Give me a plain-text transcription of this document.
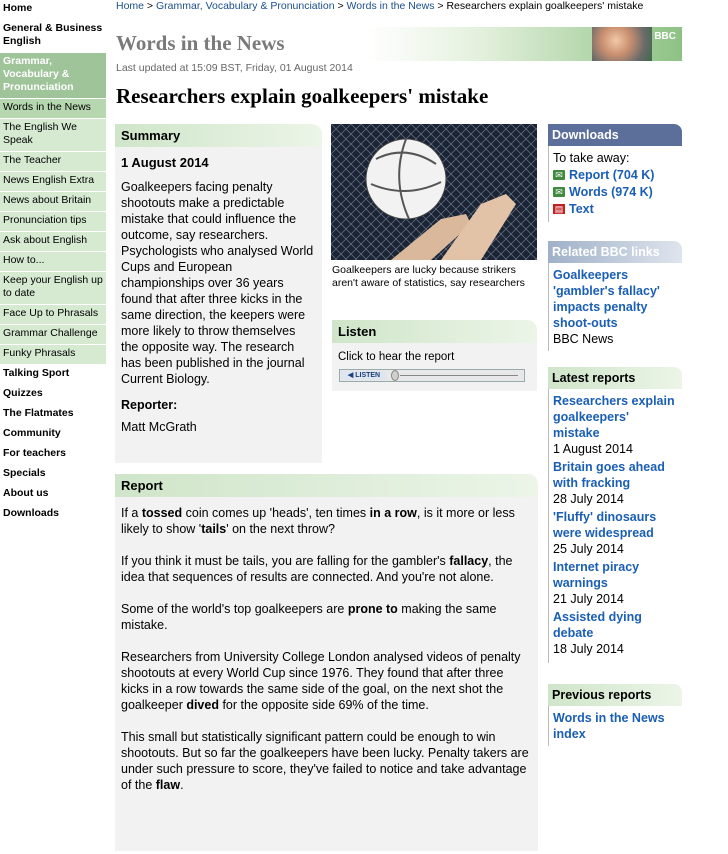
Home
General & Business English
Grammar, Vocabulary & Pronunciation
Words in the News
The English We Speak
The Teacher
News English Extra
News about Britain
Pronunciation tips
Ask about English
How to...
Keep your English up to date
Face Up to Phrasals
Grammar Challenge
Funky Phrasals
Talking Sport
Quizzes
The Flatmates
Community
For teachers
Specials
About us
Downloads
Home > Grammar, Vocabulary & Pronunciation > Words in the News > Researchers explain goalkeepers' mistake
Words in the News	BBC
Last updated at 15:09 BST, Friday, 01 August 2014
Researchers explain goalkeepers' mistake
Summary
1 August 2014

Goalkeepers facing penalty shootouts make a predictable mistake that could influence the outcome, say researchers. Psychologists who analysed World Cups and European championships over 36 years found that after three kicks in the same direction, the keepers were more likely to throw themselves the opposite way. The research has been published in the journal Current Biology.

Reporter:
Matt McGrath
Goalkeepers are lucky because strikers aren't aware of statistics, say researchers
Listen
Click to hear the report
◀ LISTEN
Report

If a tossed coin comes up 'heads', ten times in a row, is it more or less likely to show 'tails' on the next throw?

If you think it must be tails, you are falling for the gambler's fallacy, the idea that sequences of results are connected. And you're not alone.

Some of the world's top goalkeepers are prone to making the same mistake.

Researchers from University College London analysed videos of penalty shootouts at every World Cup since 1976. They found that after three kicks in a row towards the same side of the goal, on the next shot the goalkeeper dived for the opposite side 69% of the time.

This small but statistically significant pattern could be enough to win shootouts. But so far the goalkeepers have been lucky. Penalty takers are under such pressure to score, they've failed to notice and take advantage of the flaw.

Downloads
To take away:
✉ Report (704 K)
✉ Words (974 K)
▤ Text
Related BBC links
Goalkeepers 'gambler's fallacy' impacts penalty shoot-outs
BBC News
Latest reports
Researchers explain goalkeepers' mistake
1 August 2014
Britain goes ahead with fracking
28 July 2014
'Fluffy' dinosaurs were widespread
25 July 2014
Internet piracy warnings
21 July 2014
Assisted dying debate
18 July 2014
Previous reports
Words in the News index
